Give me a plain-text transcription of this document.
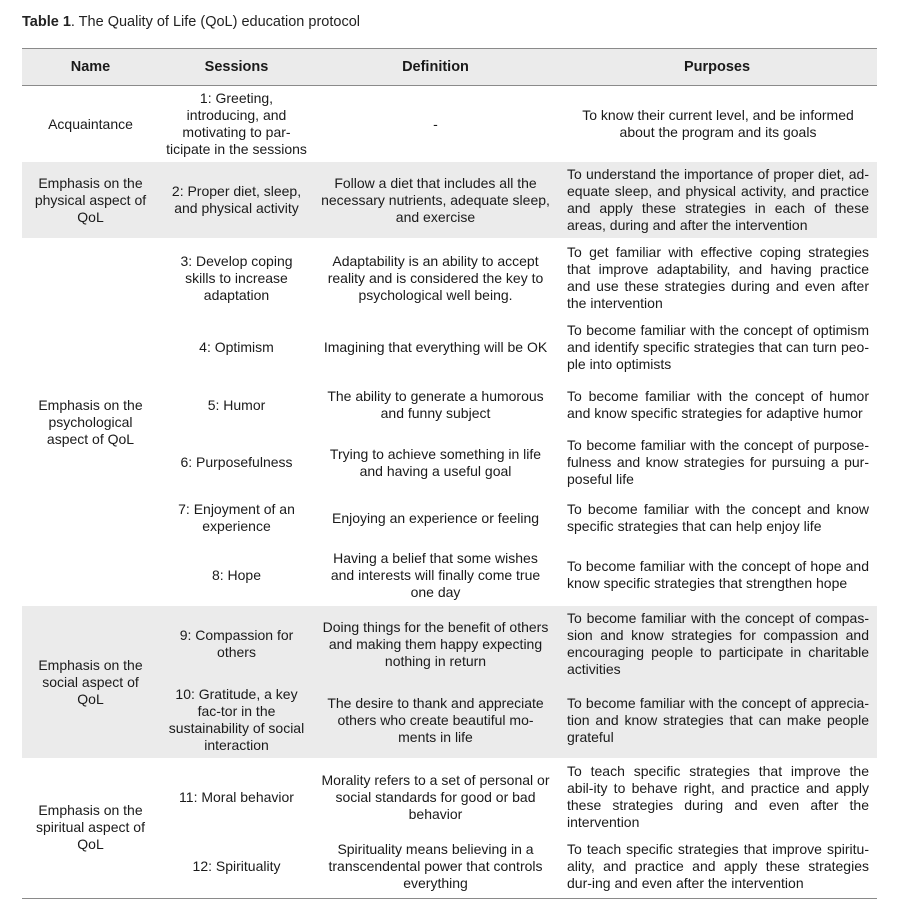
Table 1. The Quality of Life (QoL) education protocol
Name	Sessions	Definition	Purposes
Acquaintance	1: Greeting, introducing, and motivating to par-ticipate in the sessions	-	To know their current level, and be informed about the program and its goals
Emphasis on the physical aspect of QoL	2: Proper diet, sleep, and physical activity	Follow a diet that includes all the necessary nutrients, adequate sleep, and exercise	To understand the importance of proper diet, ad-equate sleep, and physical activity, and practice and apply these strategies in each of these areas, during and after the intervention
Emphasis on the psychological aspect of QoL	3: Develop coping skills to increase adaptation	Adaptability is an ability to accept reality and is considered the key to psychological well being.	To get familiar with effective coping strategies that improve adaptability, and having practice and use these strategies during and even after the intervention
	4: Optimism	Imagining that everything will be OK	To become familiar with the concept of optimism and identify specific strategies that can turn peo-ple into optimists
	5: Humor	The ability to generate a humorous and funny subject	To become familiar with the concept of humor and know specific strategies for adaptive humor
	6: Purposefulness	Trying to achieve something in life and having a useful goal	To become familiar with the concept of purpose-fulness and know strategies for pursuing a pur-poseful life
	7: Enjoyment of an experience	Enjoying an experience or feeling	To become familiar with the concept and know specific strategies that can help enjoy life
	8: Hope	Having a belief that some wishes and interests will finally come true one day	To become familiar with the concept of hope and know specific strategies that strengthen hope
Emphasis on the social aspect of QoL	9: Compassion for others	Doing things for the benefit of others and making them happy expecting nothing in return	To become familiar with the concept of compas-sion and know strategies for compassion and encouraging people to participate in charitable activities
	10: Gratitude, a key fac-tor in the sustainability of social interaction	The desire to thank and appreciate others who create beautiful mo-ments in life	To become familiar with the concept of apprecia-tion and know strategies that can make people grateful
Emphasis on the spiritual aspect of QoL	11: Moral behavior	Morality refers to a set of personal or social standards for good or bad behavior	To teach specific strategies that improve the abil-ity to behave right, and practice and apply these strategies during and even after the intervention
	12: Spirituality	Spirituality means believing in a transcendental power that controls everything	To teach specific strategies that improve spiritu-ality, and practice and apply these strategies dur-ing and even after the intervention
